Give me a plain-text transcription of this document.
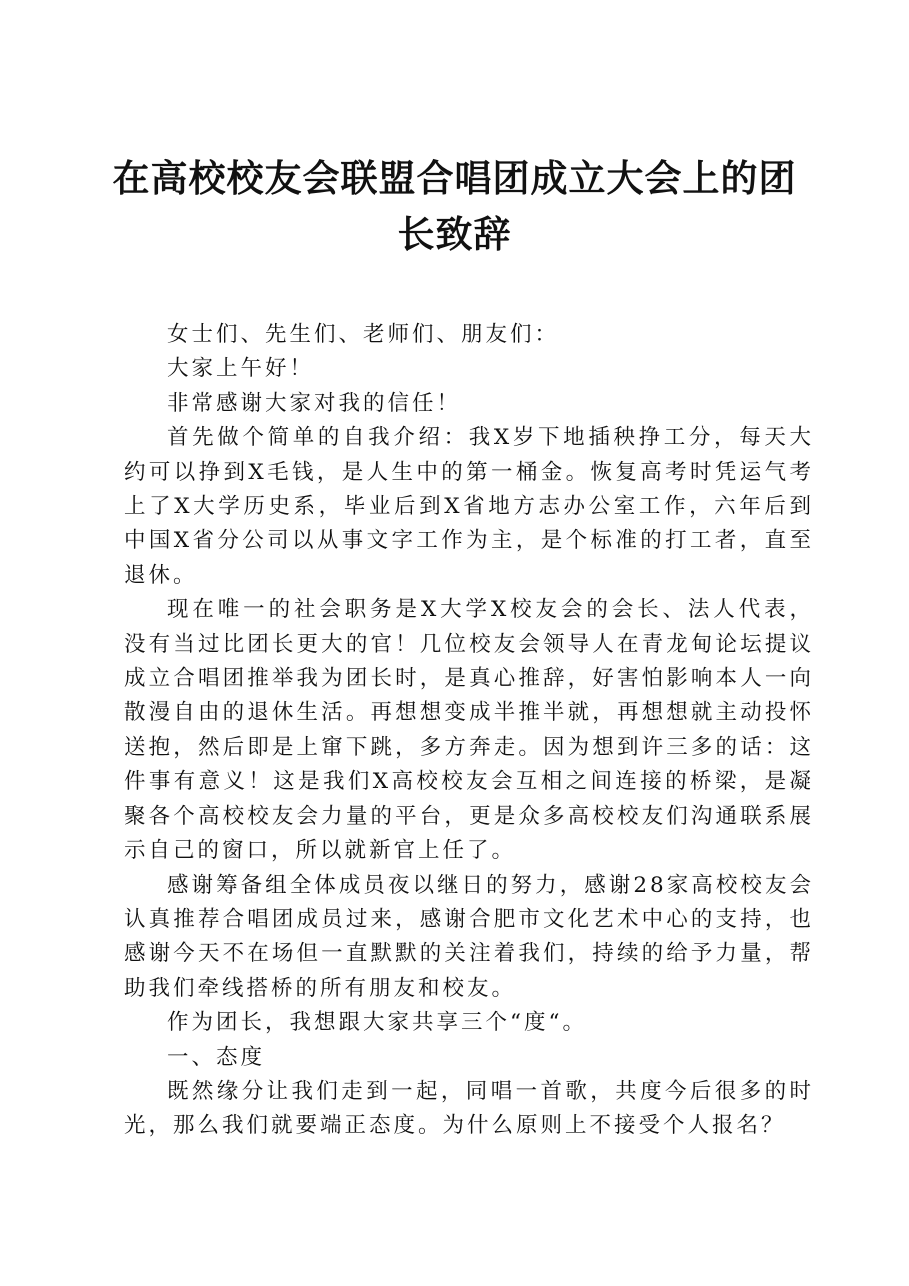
在高校校友会联盟合唱团成立大会上的团长致辞

女士们、先生们、老师们、朋友们：

大家上午好！

非常感谢大家对我的信任！

首先做个简单的自我介绍：我X岁下地插秧挣工分，每天大约可以挣到X毛钱，是人生中的第一桶金。恢复高考时凭运气考上了X大学历史系，毕业后到X省地方志办公室工作，六年后到中国X省分公司以从事文字工作为主，是个标准的打工者，直至退休。

现在唯一的社会职务是X大学X校友会的会长、法人代表，没有当过比团长更大的官！几位校友会领导人在青龙甸论坛提议成立合唱团推举我为团长时，是真心推辞，好害怕影响本人一向散漫自由的退休生活。再想想变成半推半就，再想想就主动投怀送抱，然后即是上窜下跳，多方奔走。因为想到许三多的话：这件事有意义！这是我们X高校校友会互相之间连接的桥梁，是凝聚各个高校校友会力量的平台，更是众多高校校友们沟通联系展示自己的窗口，所以就新官上任了。

感谢筹备组全体成员夜以继日的努力，感谢28家高校校友会认真推荐合唱团成员过来，感谢合肥市文化艺术中心的支持，也感谢今天不在场但一直默默的关注着我们，持续的给予力量，帮助我们牵线搭桥的所有朋友和校友。

作为团长，我想跟大家共享三个“度“。

一、态度

既然缘分让我们走到一起，同唱一首歌，共度今后很多的时光，那么我们就要端正态度。为什么原则上不接受个人报名？
